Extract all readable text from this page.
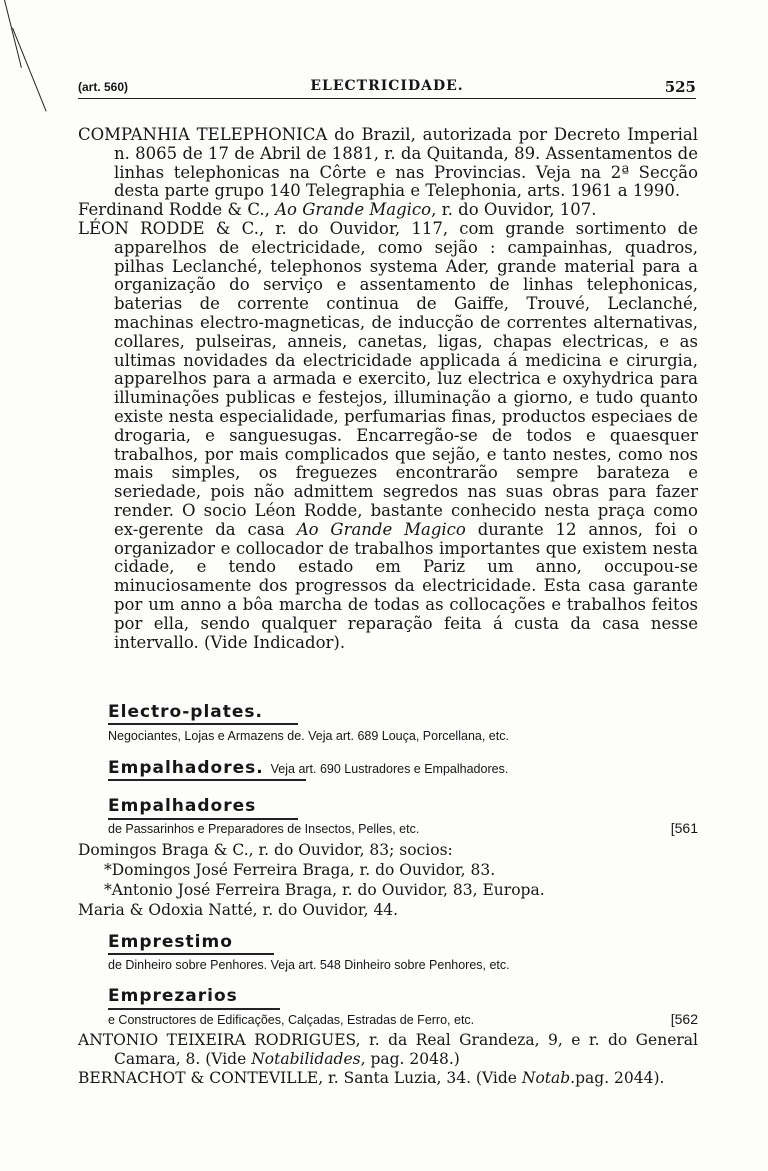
(art. 560)	ELECTRICIDADE.	525

COMPANHIA TELEPHONICA do Brazil, autorizada por Decreto Imperial n. 8065 de 17 de Abril de 1881, r. da Quitanda, 89. Assentamentos de linhas telephonicas na Côrte e nas Provincias. Veja na 2ª Secção desta parte grupo 140 Telegraphia e Telephonia, arts. 1961 a 1990.

Ferdinand Rodde & C., Ao Grande Magico, r. do Ouvidor, 107.

LÉON RODDE & C., r. do Ouvidor, 117, com grande sortimento de apparelhos de electricidade, como sejão : campainhas, quadros, pilhas Leclanché, telephonos systema Ader, grande material para a organização do serviço e assentamento de linhas telephonicas, baterias de corrente continua de Gaiffe, Trouvé, Leclanché, machinas electro-magneticas, de inducção de correntes alternativas, collares, pulseiras, anneis, canetas, ligas, chapas electricas, e as ultimas novidades da electricidade applicada á medicina e cirurgia, apparelhos para a armada e exercito, luz electrica e oxyhydrica para illuminações publicas e festejos, illuminação a giorno, e tudo quanto existe nesta especialidade, perfumarias finas, productos especiaes de drogaria, e sanguesugas. Encarregão-se de todos e quaesquer trabalhos, por mais complicados que sejão, e tanto nestes, como nos mais simples, os freguezes encontrarão sempre barateza e seriedade, pois não admittem segredos nas suas obras para fazer render. O socio Léon Rodde, bastante conhecido nesta praça como ex-gerente da casa Ao Grande Magico durante 12 annos, foi o organizador e collocador de trabalhos importantes que existem nesta cidade, e tendo estado em Pariz um anno, occupou-se minuciosamente dos progressos da electricidade. Esta casa garante por um anno a bôa marcha de todas as collocações e trabalhos feitos por ella, sendo qualquer reparação feita á custa da casa nesse intervallo. (Vide Indicador).

Electro-plates.
Negociantes, Lojas e Armazens de. Veja art. 689 Louça, Porcellana, etc.
Empalhadores. Veja art. 690 Lustradores e Empalhadores.
Empalhadores
de Passarinhos e Preparadores de Insectos, Pelles, etc.	[561
Domingos Braga & C., r. do Ouvidor, 83; socios:
*Domingos José Ferreira Braga, r. do Ouvidor, 83.
*Antonio José Ferreira Braga, r. do Ouvidor, 83, Europa.
Maria & Odoxia Natté, r. do Ouvidor, 44.
Emprestimo
de Dinheiro sobre Penhores. Veja art. 548 Dinheiro sobre Penhores, etc.
Emprezarios
e Constructores de Edificações, Calçadas, Estradas de Ferro, etc.	[562

ANTONIO TEIXEIRA RODRIGUES, r. da Real Grandeza, 9, e r. do General Camara, 8. (Vide Notabilidades, pag. 2048.)

BERNACHOT & CONTEVILLE, r. Santa Luzia, 34. (Vide Notab.pag. 2044).
